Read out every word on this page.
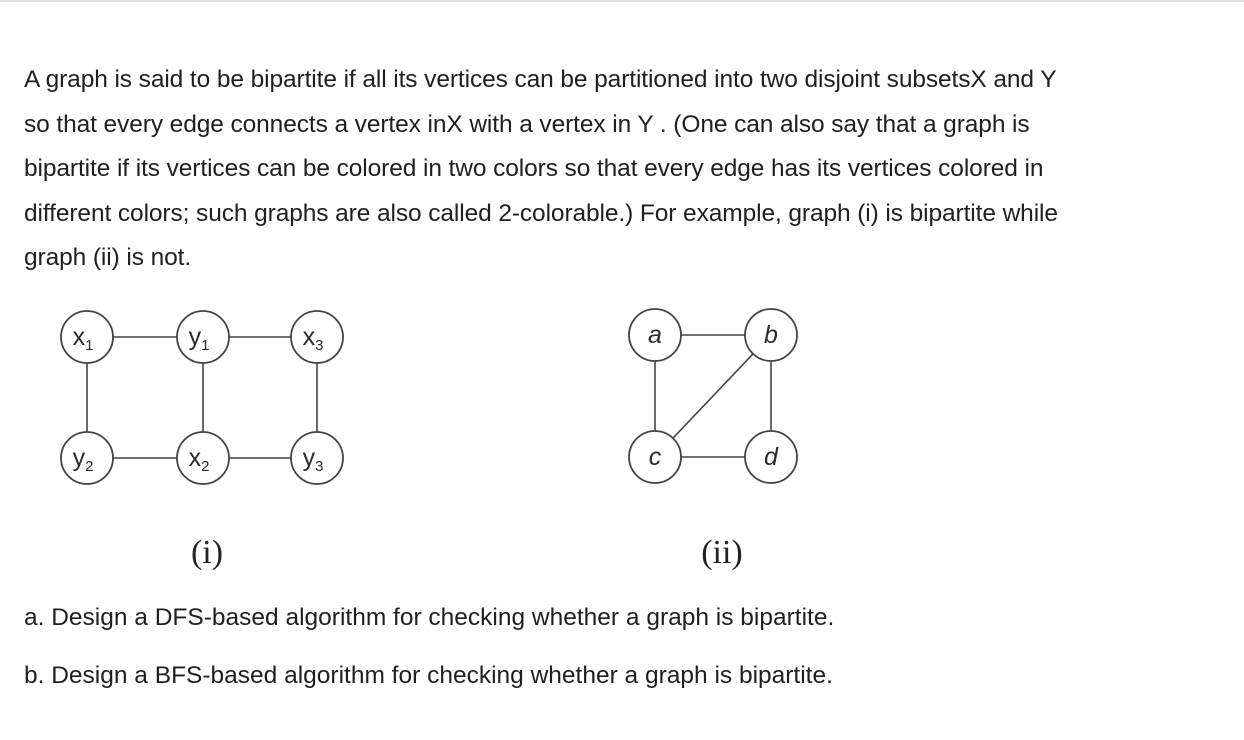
A graph is said to be bipartite if all its vertices can be partitioned into two disjoint subsetsX and Y
so that every edge connects a vertex inX with a vertex in Y . (One can also say that a graph is
bipartite if its vertices can be colored in two colors so that every edge has its vertices colored in
different colors; such graphs are also called 2-colorable.) For example, graph (i) is bipartite while
graph (ii) is not.
$x_1$	$y_1$	$x_3$
$y_2$	$x_2$	$y_3$
a	b
c	d
(i)	(ii)
a. Design a DFS-based algorithm for checking whether a graph is bipartite.
b. Design a BFS-based algorithm for checking whether a graph is bipartite.
